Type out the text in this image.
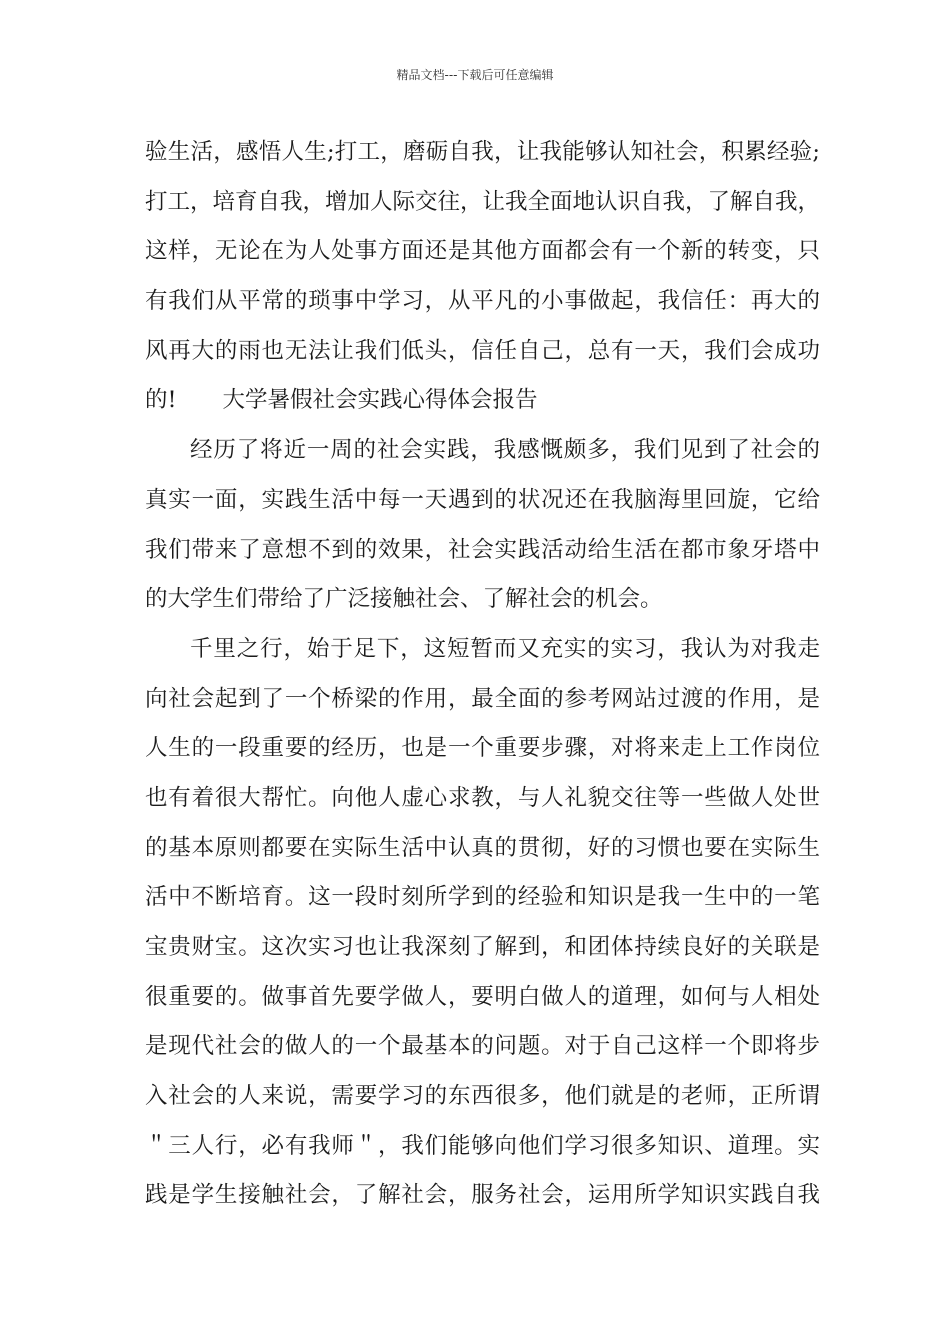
精品文档---下载后可任意编辑
验生活，感悟人生;打工，磨砺自我，让我能够认知社会，积累经验;
打工，培育自我，增加人际交往，让我全面地认识自我，了解自我，
这样，无论在为人处事方面还是其他方面都会有一个新的转变，只
有我们从平常的琐事中学习，从平凡的小事做起，我信任：再大的
风再大的雨也无法让我们低头，信任自己，总有一天，我们会成功
的! 大学暑假社会实践心得体会报告
经历了将近一周的社会实践，我感慨颇多，我们见到了社会的
真实一面，实践生活中每一天遇到的状况还在我脑海里回旋，它给
我们带来了意想不到的效果，社会实践活动给生活在都市象牙塔中
的大学生们带给了广泛接触社会、了解社会的机会。
千里之行，始于足下，这短暂而又充实的实习，我认为对我走
向社会起到了一个桥梁的作用，最全面的参考网站过渡的作用，是
人生的一段重要的经历，也是一个重要步骤，对将来走上工作岗位
也有着很大帮忙。向他人虚心求教，与人礼貌交往等一些做人处世
的基本原则都要在实际生活中认真的贯彻，好的习惯也要在实际生
活中不断培育。这一段时刻所学到的经验和知识是我一生中的一笔
宝贵财宝。这次实习也让我深刻了解到，和团体持续良好的关联是
很重要的。做事首先要学做人，要明白做人的道理，如何与人相处
是现代社会的做人的一个最基本的问题。对于自己这样一个即将步
入社会的人来说，需要学习的东西很多，他们就是的老师，正所谓
＂三人行，必有我师＂，我们能够向他们学习很多知识、道理。实
践是学生接触社会，了解社会，服务社会，运用所学知识实践自我
